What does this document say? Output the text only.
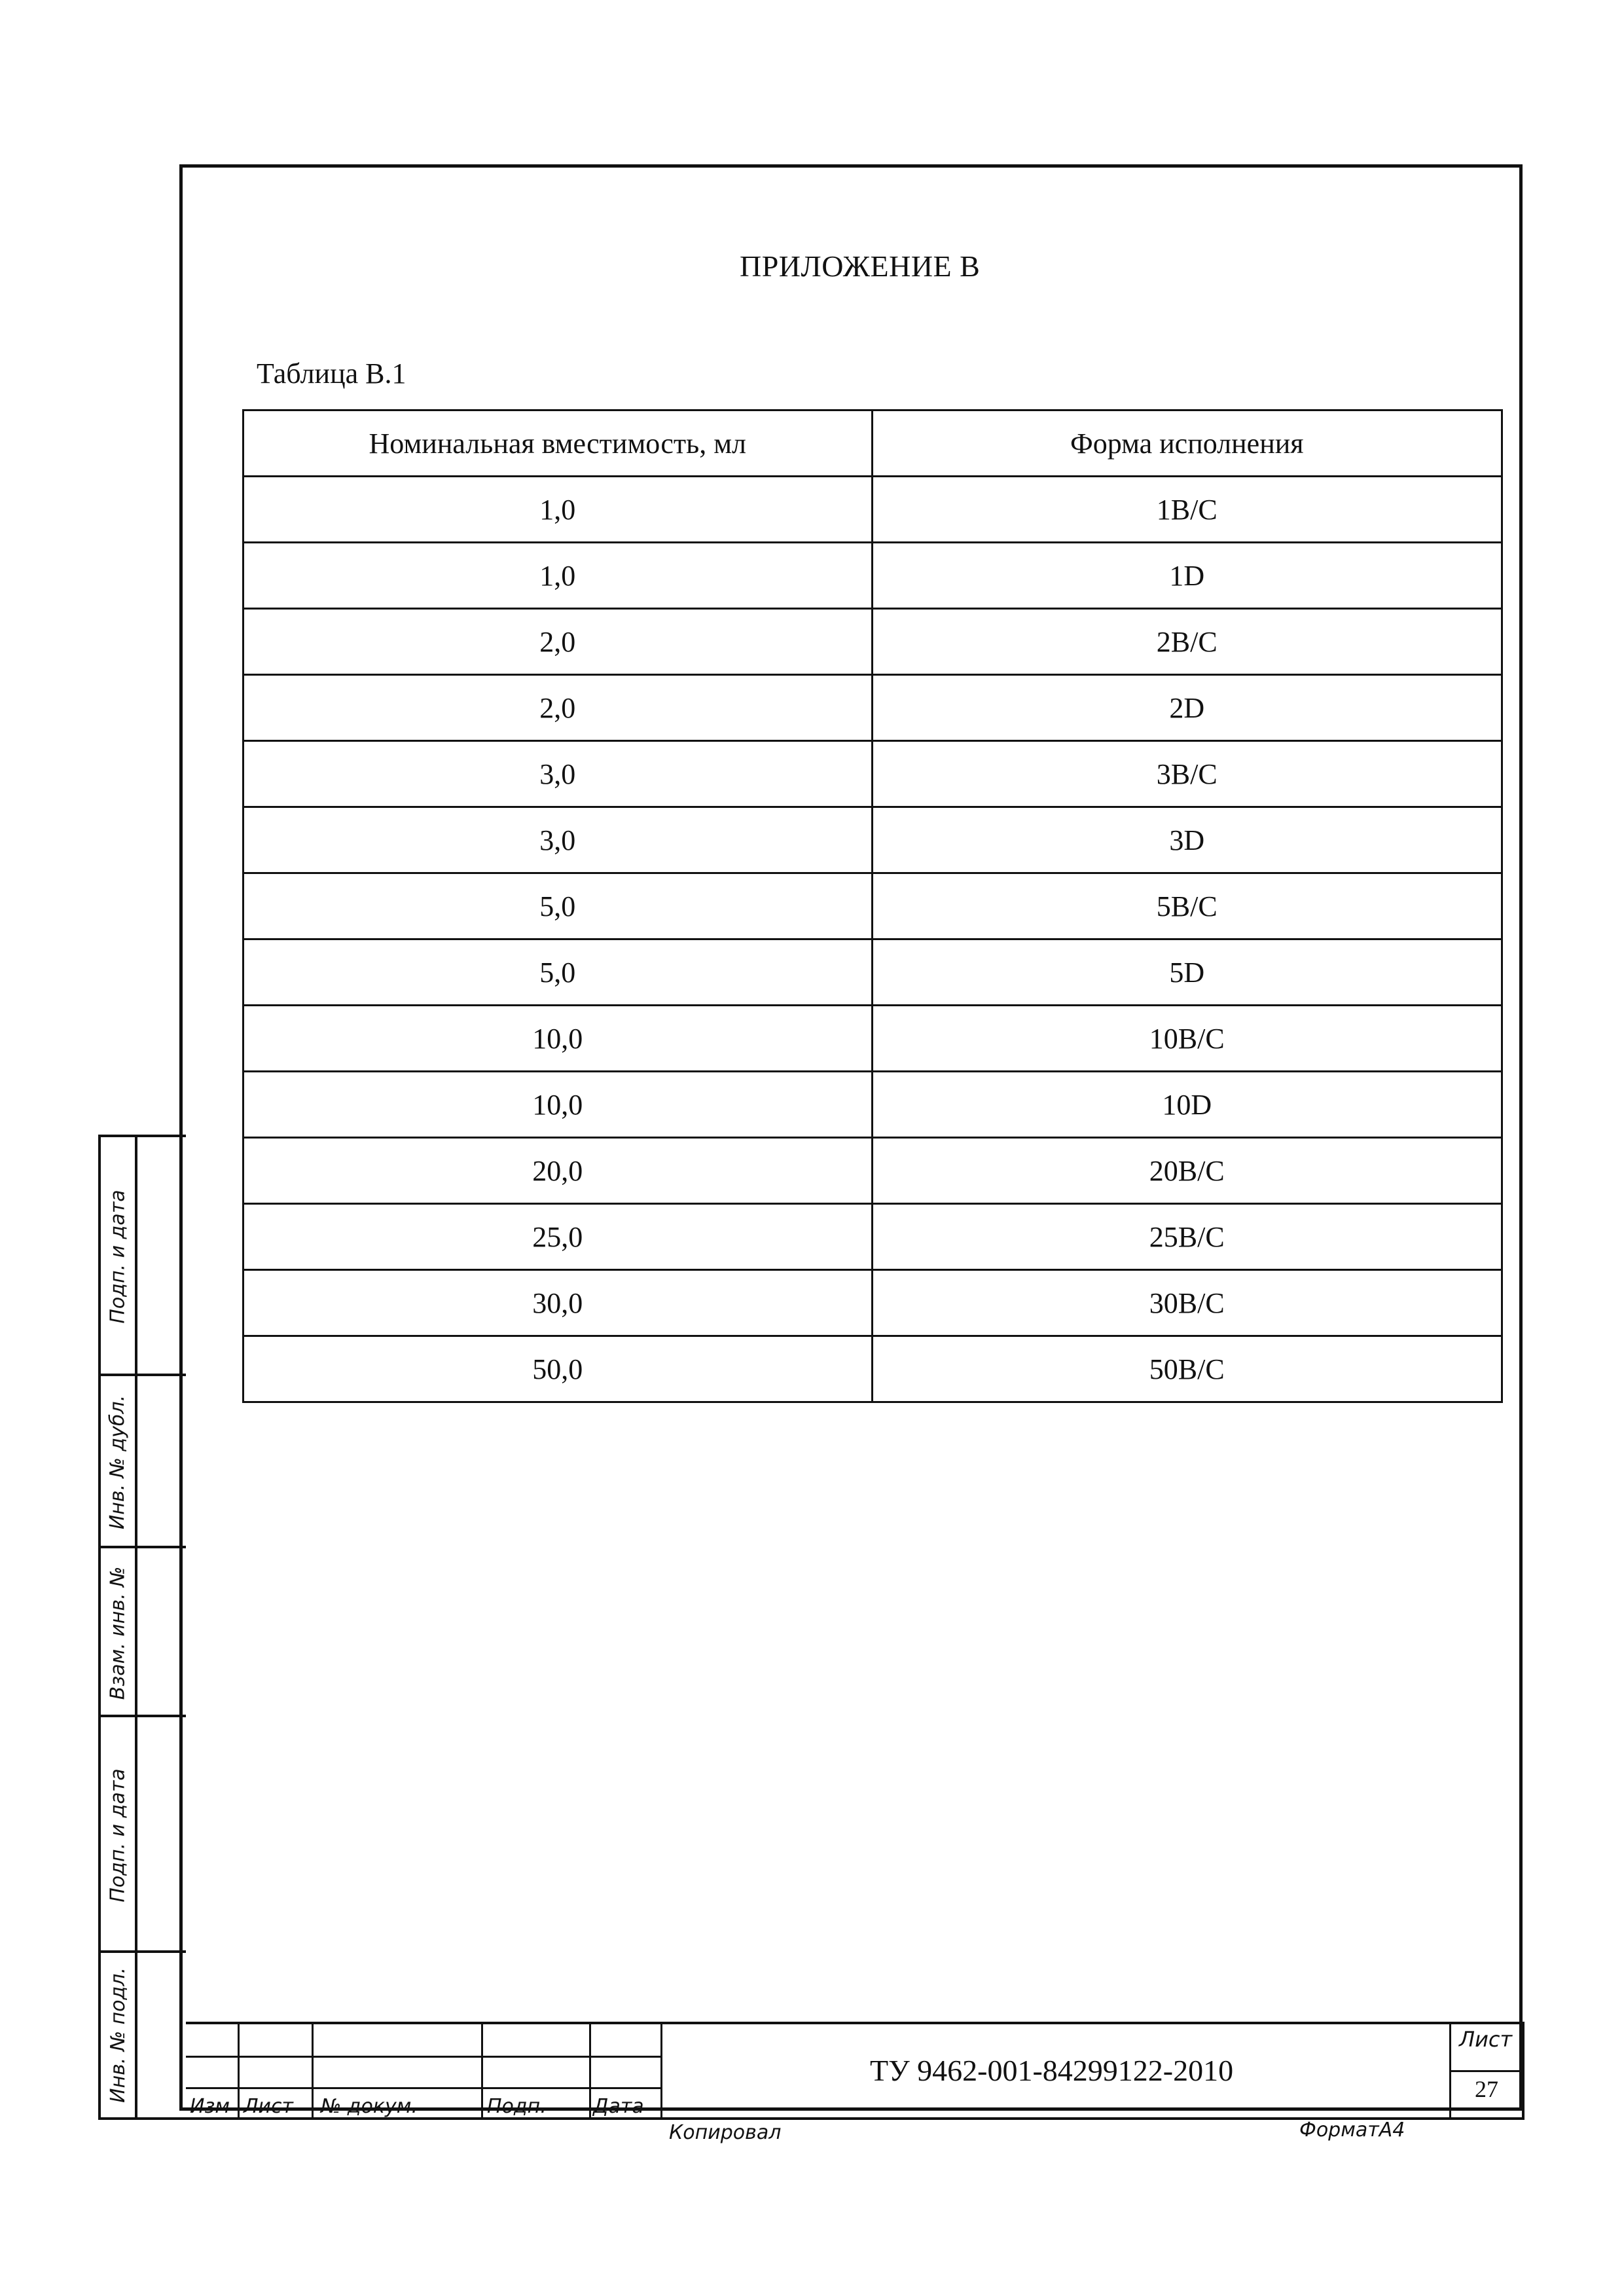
ПРИЛОЖЕНИЕ В
Таблица В.1
Номинальная вместимость, мл	Форма исполнения
1,0	1В/С
1,0	1D
2,0	2В/С
2,0	2D
3,0	3В/С
3,0	3D
5,0	5В/С
5,0	5D
10,0	10В/С
10,0	10D
20,0	20В/С
25,0	25В/С
30,0	30В/С
50,0	50В/С
Подп. и дата
Инв. № дубл.
Взам. инв. №
Подп. и дата
Инв. № подл.
Изм Лист № докум.	Подп. Дата
ТУ 9462-001-84299122-2010
Лист
27
Копировал	ФорматА4
